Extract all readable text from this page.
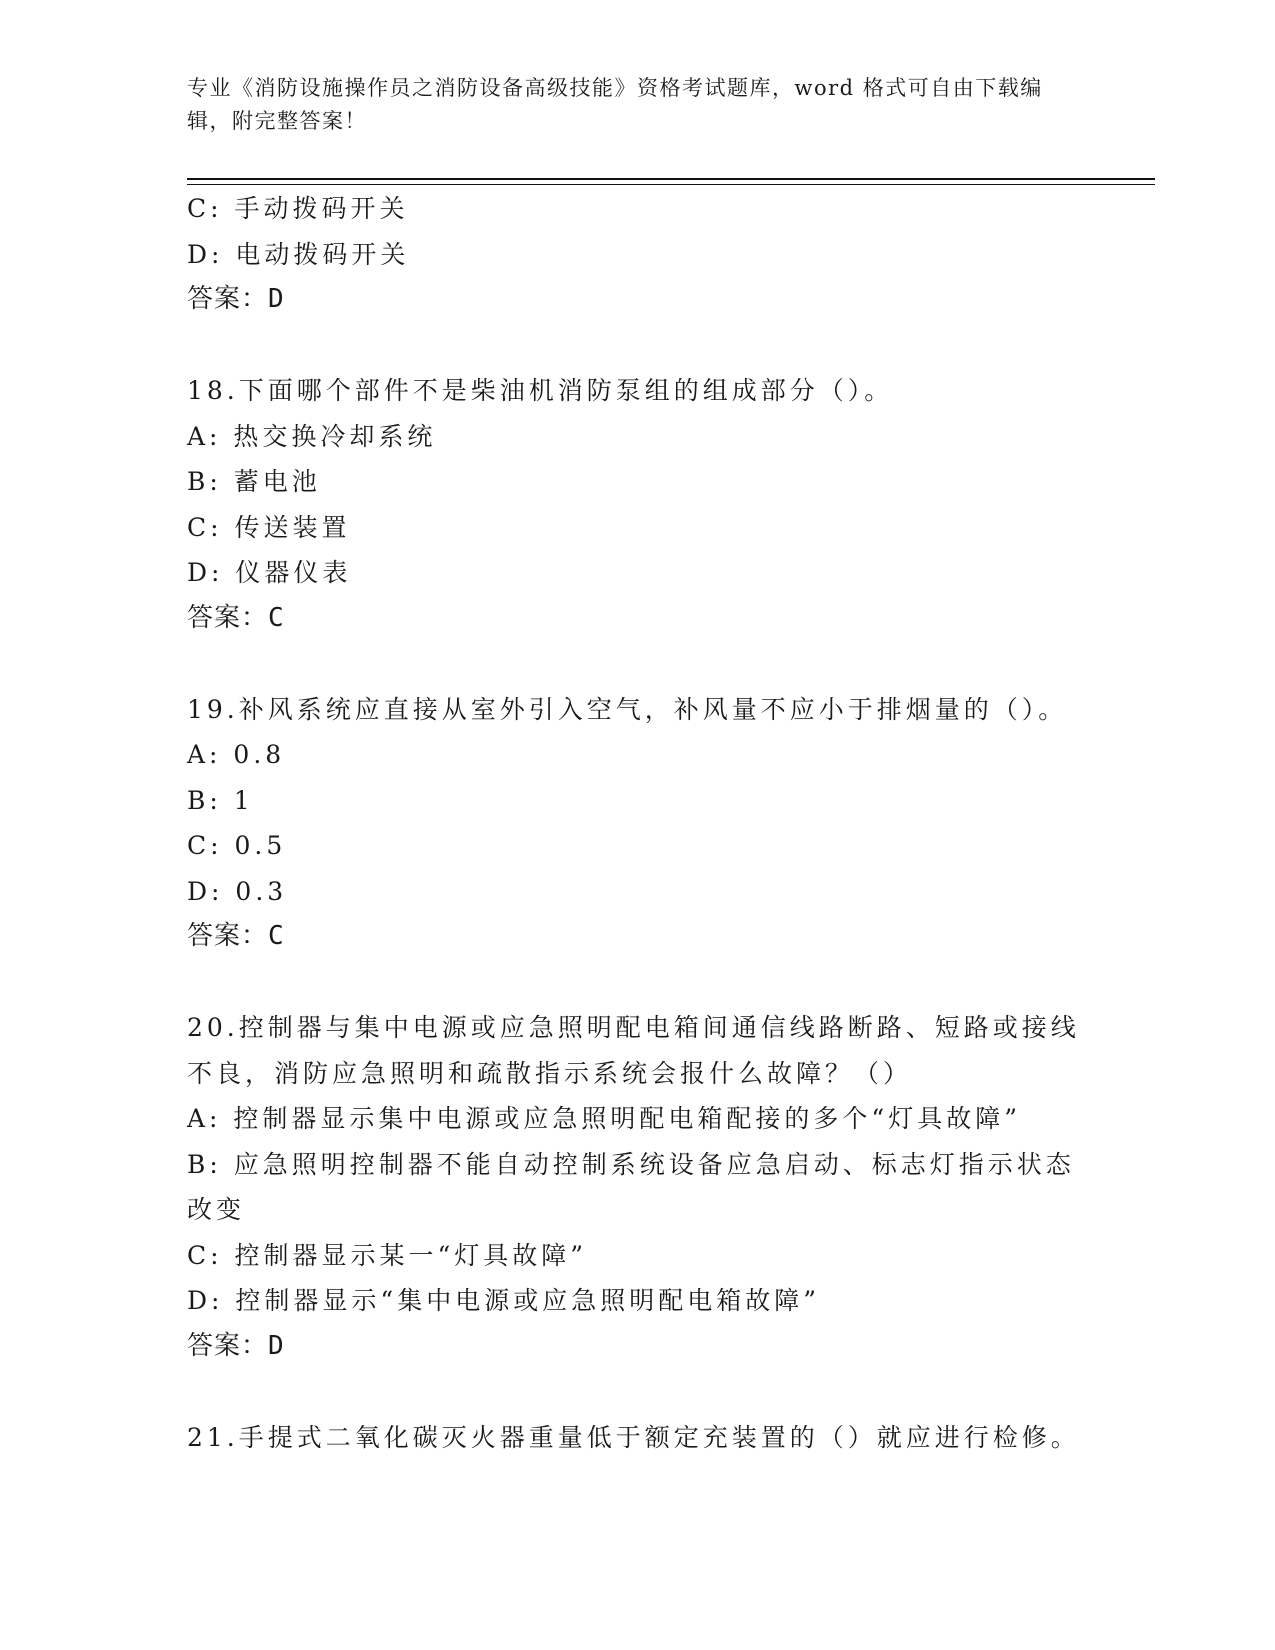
专业《消防设施操作员之消防设备高级技能》资格考试题库，word 格式可自由下载编辑，附完整答案！

C: 手动拨码开关

D: 电动拨码开关

答案：D

18.下面哪个部件不是柴油机消防泵组的组成部分（）。

A: 热交换冷却系统

B: 蓄电池

C: 传送装置

D: 仪器仪表

答案：C

19.补风系统应直接从室外引入空气，补风量不应小于排烟量的（）。

A: 0.8

B: 1

C: 0.5

D: 0.3

答案：C

20.控制器与集中电源或应急照明配电箱间通信线路断路、短路或接线不良，消防应急照明和疏散指示系统会报什么故障？（）

A: 控制器显示集中电源或应急照明配电箱配接的多个“灯具故障”

B: 应急照明控制器不能自动控制系统设备应急启动、标志灯指示状态改变

C: 控制器显示某一“灯具故障”

D: 控制器显示“集中电源或应急照明配电箱故障”

答案：D

21.手提式二氧化碳灭火器重量低于额定充装置的（）就应进行检修。
